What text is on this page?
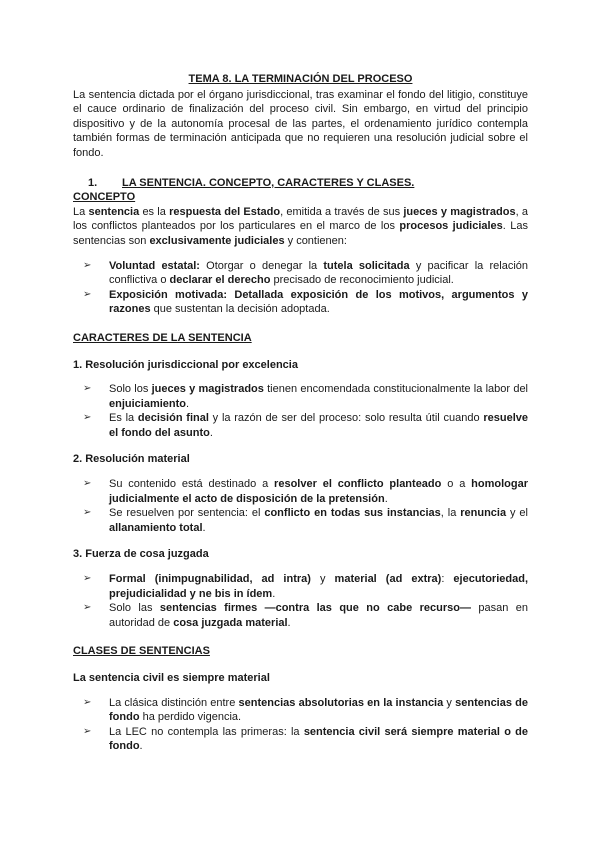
TEMA 8. LA TERMINACIÓN DEL PROCESO

La sentencia dictada por el órgano jurisdiccional, tras examinar el fondo del litigio, constituye el cauce ordinario de finalización del proceso civil. Sin embargo, en virtud del principio dispositivo y de la autonomía procesal de las partes, el ordenamiento jurídico contempla también formas de terminación anticipada que no requieren una resolución judicial sobre el fondo.

1. LA SENTENCIA. CONCEPTO, CARACTERES Y CLASES.

CONCEPTO

La sentencia es la respuesta del Estado, emitida a través de sus jueces y magistrados, a los conflictos planteados por los particulares en el marco de los procesos judiciales. Las sentencias son exclusivamente judiciales y contienen:

➢ Voluntad estatal: Otorgar o denegar la tutela solicitada y pacificar la relación conflictiva o declarar el derecho precisado de reconocimiento judicial.
➢ Exposición motivada: Detallada exposición de los motivos, argumentos y razones que sustentan la decisión adoptada.

CARACTERES DE LA SENTENCIA

1. Resolución jurisdiccional por excelencia

➢ Solo los jueces y magistrados tienen encomendada constitucionalmente la labor del enjuiciamiento.
➢ Es la decisión final y la razón de ser del proceso: solo resulta útil cuando resuelve el fondo del asunto.

2. Resolución material

➢ Su contenido está destinado a resolver el conflicto planteado o a homologar judicialmente el acto de disposición de la pretensión.
➢ Se resuelven por sentencia: el conflicto en todas sus instancias, la renuncia y el allanamiento total.

3. Fuerza de cosa juzgada

➢ Formal (inimpugnabilidad, ad intra) y material (ad extra): ejecutoriedad, prejudicialidad y ne bis in ídem.
➢ Solo las sentencias firmes —contra las que no cabe recurso— pasan en autoridad de cosa juzgada material.

CLASES DE SENTENCIAS

La sentencia civil es siempre material

➢ La clásica distinción entre sentencias absolutorias en la instancia y sentencias de fondo ha perdido vigencia.
➢ La LEC no contempla las primeras: la sentencia civil será siempre material o de fondo.
